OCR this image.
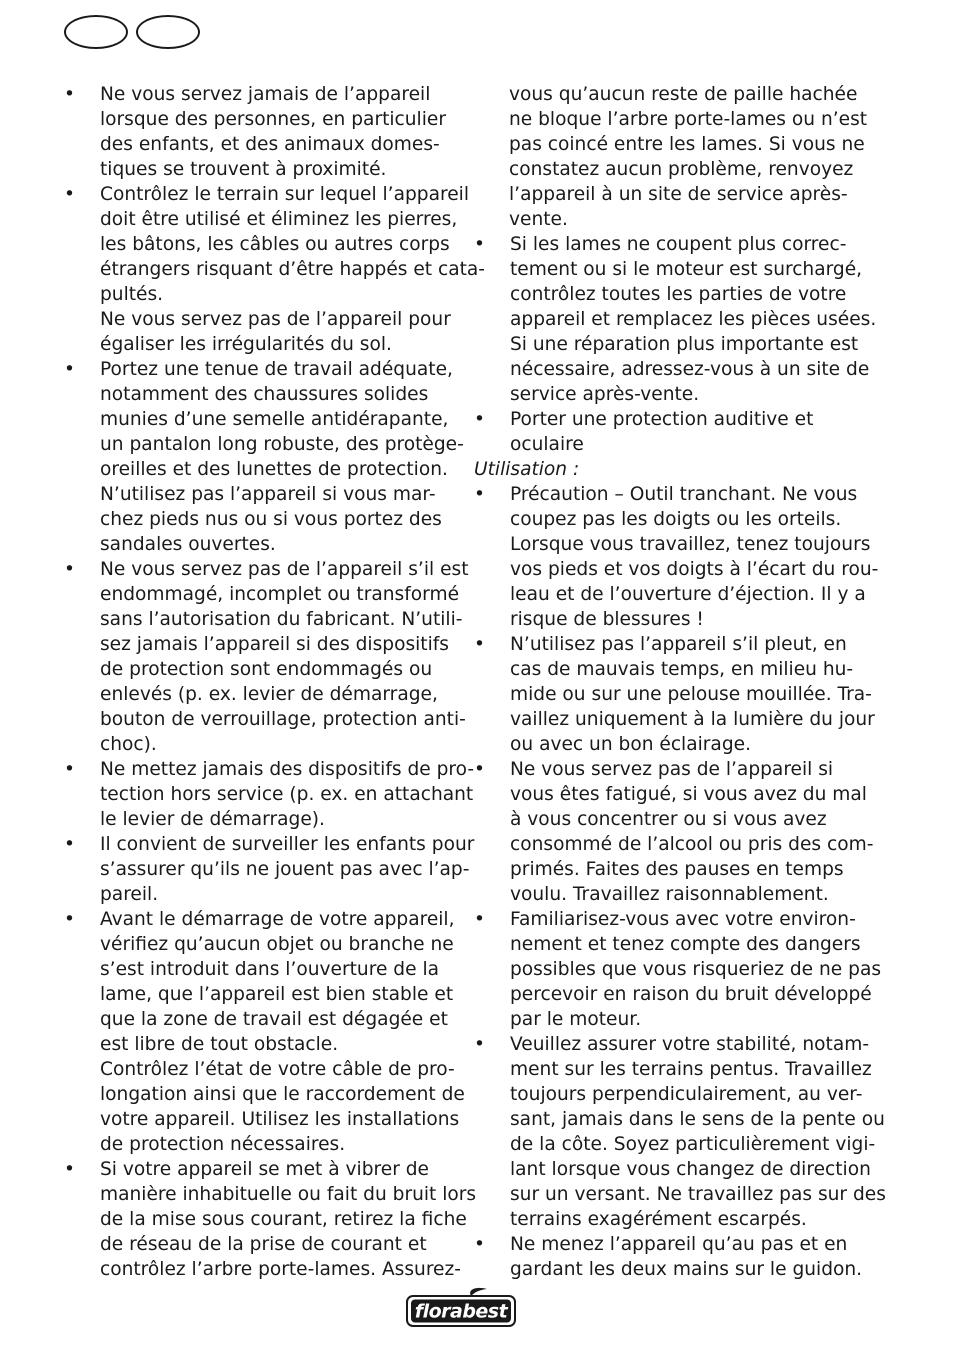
• Ne vous servez jamais de l’appareil
lorsque des personnes, en particulier
des enfants, et des animaux domes-
tiques se trouvent à proximité.
• Contrôlez le terrain sur lequel l’appareil
doit être utilisé et éliminez les pierres,
les bâtons, les câbles ou autres corps
étrangers risquant d’être happés et cata-
pultés.
Ne vous servez pas de l’appareil pour
égaliser les irrégularités du sol.
• Portez une tenue de travail adéquate,
notamment des chaussures solides
munies d’une semelle antidérapante,
un pantalon long robuste, des protège-
oreilles et des lunettes de protection.
N’utilisez pas l’appareil si vous mar-
chez pieds nus ou si vous portez des
sandales ouvertes.
• Ne vous servez pas de l’appareil s’il est
endommagé, incomplet ou transformé
sans l’autorisation du fabricant. N’utili-
sez jamais l’appareil si des dispositifs
de protection sont endommagés ou
enlevés (p. ex. levier de démarrage,
bouton de verrouillage, protection anti-
choc).
• Ne mettez jamais des dispositifs de pro-
tection hors service (p. ex. en attachant
le levier de démarrage).
• Il convient de surveiller les enfants pour
s’assurer qu’ils ne jouent pas avec l’ap-
pareil.
• Avant le démarrage de votre appareil,
vérifiez qu’aucun objet ou branche ne
s’est introduit dans l’ouverture de la
lame, que l’appareil est bien stable et
que la zone de travail est dégagée et
est libre de tout obstacle.
Contrôlez l’état de votre câble de pro-
longation ainsi que le raccordement de
votre appareil. Utilisez les installations
de protection nécessaires.
• Si votre appareil se met à vibrer de
manière inhabituelle ou fait du bruit lors
de la mise sous courant, retirez la fiche
de réseau de la prise de courant et
contrôlez l’arbre porte-lames. Assurez-
vous qu’aucun reste de paille hachée
ne bloque l’arbre porte-lames ou n’est
pas coincé entre les lames. Si vous ne
constatez aucun problème, renvoyez
l’appareil à un site de service après-
vente.
• Si les lames ne coupent plus correc-
tement ou si le moteur est surchargé,
contrôlez toutes les parties de votre
appareil et remplacez les pièces usées.
Si une réparation plus importante est
nécessaire, adressez-vous à un site de
service après-vente.
• Porter une protection auditive et
oculaire
Utilisation :
• Précaution – Outil tranchant. Ne vous
coupez pas les doigts ou les orteils.
Lorsque vous travaillez, tenez toujours
vos pieds et vos doigts à l’écart du rou-
leau et de l’ouverture d’éjection. Il y a
risque de blessures !
• N’utilisez pas l’appareil s’il pleut, en
cas de mauvais temps, en milieu hu-
mide ou sur une pelouse mouillée. Tra-
vaillez uniquement à la lumière du jour
ou avec un bon éclairage.
• Ne vous servez pas de l’appareil si
vous êtes fatigué, si vous avez du mal
à vous concentrer ou si vous avez
consommé de l’alcool ou pris des com-
primés. Faites des pauses en temps
voulu. Travaillez raisonnablement.
• Familiarisez-vous avec votre environ-
nement et tenez compte des dangers
possibles que vous risqueriez de ne pas
percevoir en raison du bruit développé
par le moteur.
• Veuillez assurer votre stabilité, notam-
ment sur les terrains pentus. Travaillez
toujours perpendiculairement, au ver-
sant, jamais dans le sens de la pente ou
de la côte. Soyez particulièrement vigi-
lant lorsque vous changez de direction
sur un versant. Ne travaillez pas sur des
terrains exagérément escarpés.
• Ne menez l’appareil qu’au pas et en
gardant les deux mains sur le guidon.
florabest
